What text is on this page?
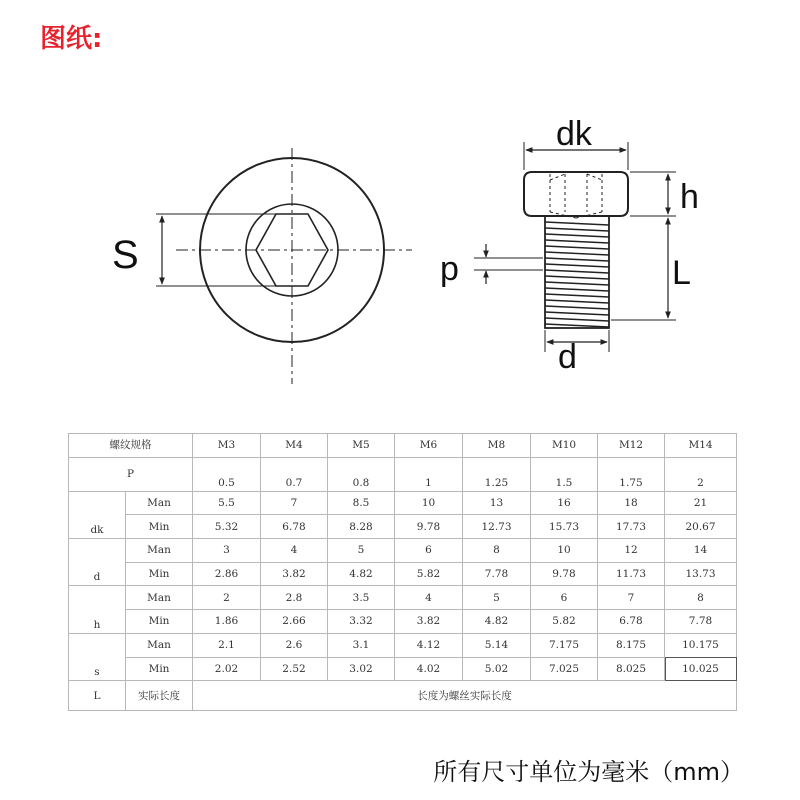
图纸:
S
dk
h
p	L
d
螺纹规格		M3	M4	M5	M6	M8	M10	M12	M14
P		0.5	0.7	0.8	1	1.25	1.5	1.75	2
dk	Man	5.5	7	8.5	10	13	16	18	21
	Min	5.32	6.78	8.28	9.78	12.73	15.73	17.73	20.67
d	Man	3	4	5	6	8	10	12	14
	Min	2.86	3.82	4.82	5.82	7.78	9.78	11.73	13.73
h	Man	2	2.8	3.5	4	5	6	7	8
	Min	1.86	2.66	3.32	3.82	4.82	5.82	6.78	7.78
s	Man	2.1	2.6	3.1	4.12	5.14	7.175	8.175	10.175
	Min	2.02	2.52	3.02	4.02	5.02	7.025	8.025	10.025
L	实际长度	长度为螺丝实际长度							
所有尺寸单位为毫米（mm）
